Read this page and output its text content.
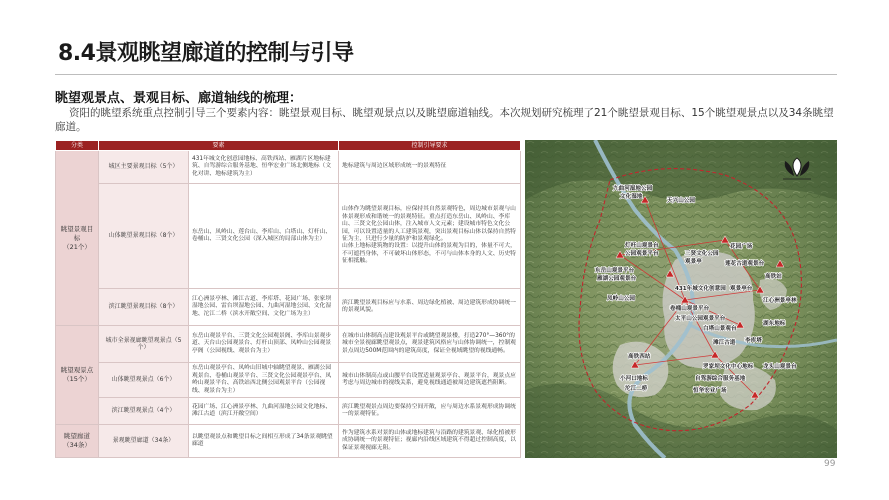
8.4景观眺望廊道的控制与引导
眺望观景点、景观目标、廊道轴线的梳理：
资阳的眺望系统重点控制引导三个要素内容：眺望景观目标、眺望观景点以及眺望廊道轴线。本次规划研究梳理了21个眺望景观目标、15个眺望观景点以及34条眺望廊道。
分类	要素		控制引导要求
眺望景观目标
（21个）	城区主要景观目标（5个）	431年城文化创意园地标、高铁西站、雁湖片区地标建筑、自驾游综合服务基地、恒华宏业广场北侧地标（文化对讲、地标建筑为主）	地标建筑与周边区域形成统一的景观特征
	山体眺望景观目标（8个）	东岳山、凤岭山、莲台山、李库山、白塔山、灯杆山、卷桶山、三贤文化公园（深入城区的局部山体为主）	山体作为眺望景观目标，应保持其自然景观特色，周边城市景观与山体景观形成和谐统一的景观特征。重点打造东岳山、凤岭山、李库山、三贤文化公园山体，注入城市人文元素；建设城市特色文化公园，可以设置适量的人工建筑景观，突出景观目标山体以保持自然特征为主，只进行少量的防护和景观绿化。
山体上地标建筑物的设置：以提升山体的景观为目的，体量不可大，不可遮挡身体，不可破坏山体形态，不可与山体本身的人文、历史特征相抵触。
	滨江眺望景观目标（8个）	江心洲景亭林、滩江古道、李库塔、花园广场、张家坝湿地公园、雷台坝湿地公园、九曲河湿地公园、文化湿地、沱江二桥（滨水开敞空间、文化广场为主）	滨江眺望景观目标应与水系、周边绿化植被、周边建筑形成协调统一的景观风貌。
眺望观景点
（15个）	城市全景视廊眺望观景点（5个）	东岳山观景平台、三贤文化公园观景阁、李库山景观步道、天台山公园观景台、灯杆山顶部、凤岭山公园观景亭阁（公园视线、观景台为主）	在城市山体制高点建设观景平台或眺望观景楼，打造270°—360°的城市全景视廊眺望观景点，观景建筑风格应与山体协调统一，控制观景点周边500M范围内的建筑高度，保证全视域眺望的视线通畅。
	山体眺望观景点（6个）	东岳山观景亭台、凤岭山旧城中轴眺望观景、雁湖公园观景台、卷桶山观景平台、三贤文化公园观景亭台、凤岭山观景平台、高铁站西北侧公园观景平台（公园视线、观景台为主）	城市山体制高点或山腰平台设置适量观景亭台、观景平台，观景点应考虑与周边城市的视线关系，避免视线通道被周边建筑遮挡阻断。
	滨江眺望观景点（4个）	花园广场、江心洲景亭林、九曲河湿地公园文化地标、滩江古道（滨江开敞空间）	滨江眺望观景点周边要保持空间开敞，应与周边水系景观形成协调统一的景观特征。
眺望廊道
（34条）	景观眺望廊道（34条）	以眺望观景点和眺望目标之间相互形成了34条景观眺望廊道	作为建筑水系对景的山体或地标建筑与沿路的建筑景观、绿化植被形成协调统一的景观特征；视廊内沿线区域建筑不得超过控制高度，以保证景观视廊无阻。
九曲河湿地公园
文化湿地
天兴山公园
灯杆山观景台
公园观景平台	三贤文化公园
观景亭
花园广场
莲花古道观景台
东岳山观景平台
雁湖公园观景台	高铁站
凤岭山公园
观景亭台
江心洲景亭林
431年城文化创意园
卷桶山观景平台
太平山公园观景平台
湖东地标
白塔山景观台
李库塔
滩江古道
高铁西站
罗家坝文化中心地标 龙头山观景台
自驾游综合服务基地
恒华宏业广场
小河口地标
沱江二桥
99
